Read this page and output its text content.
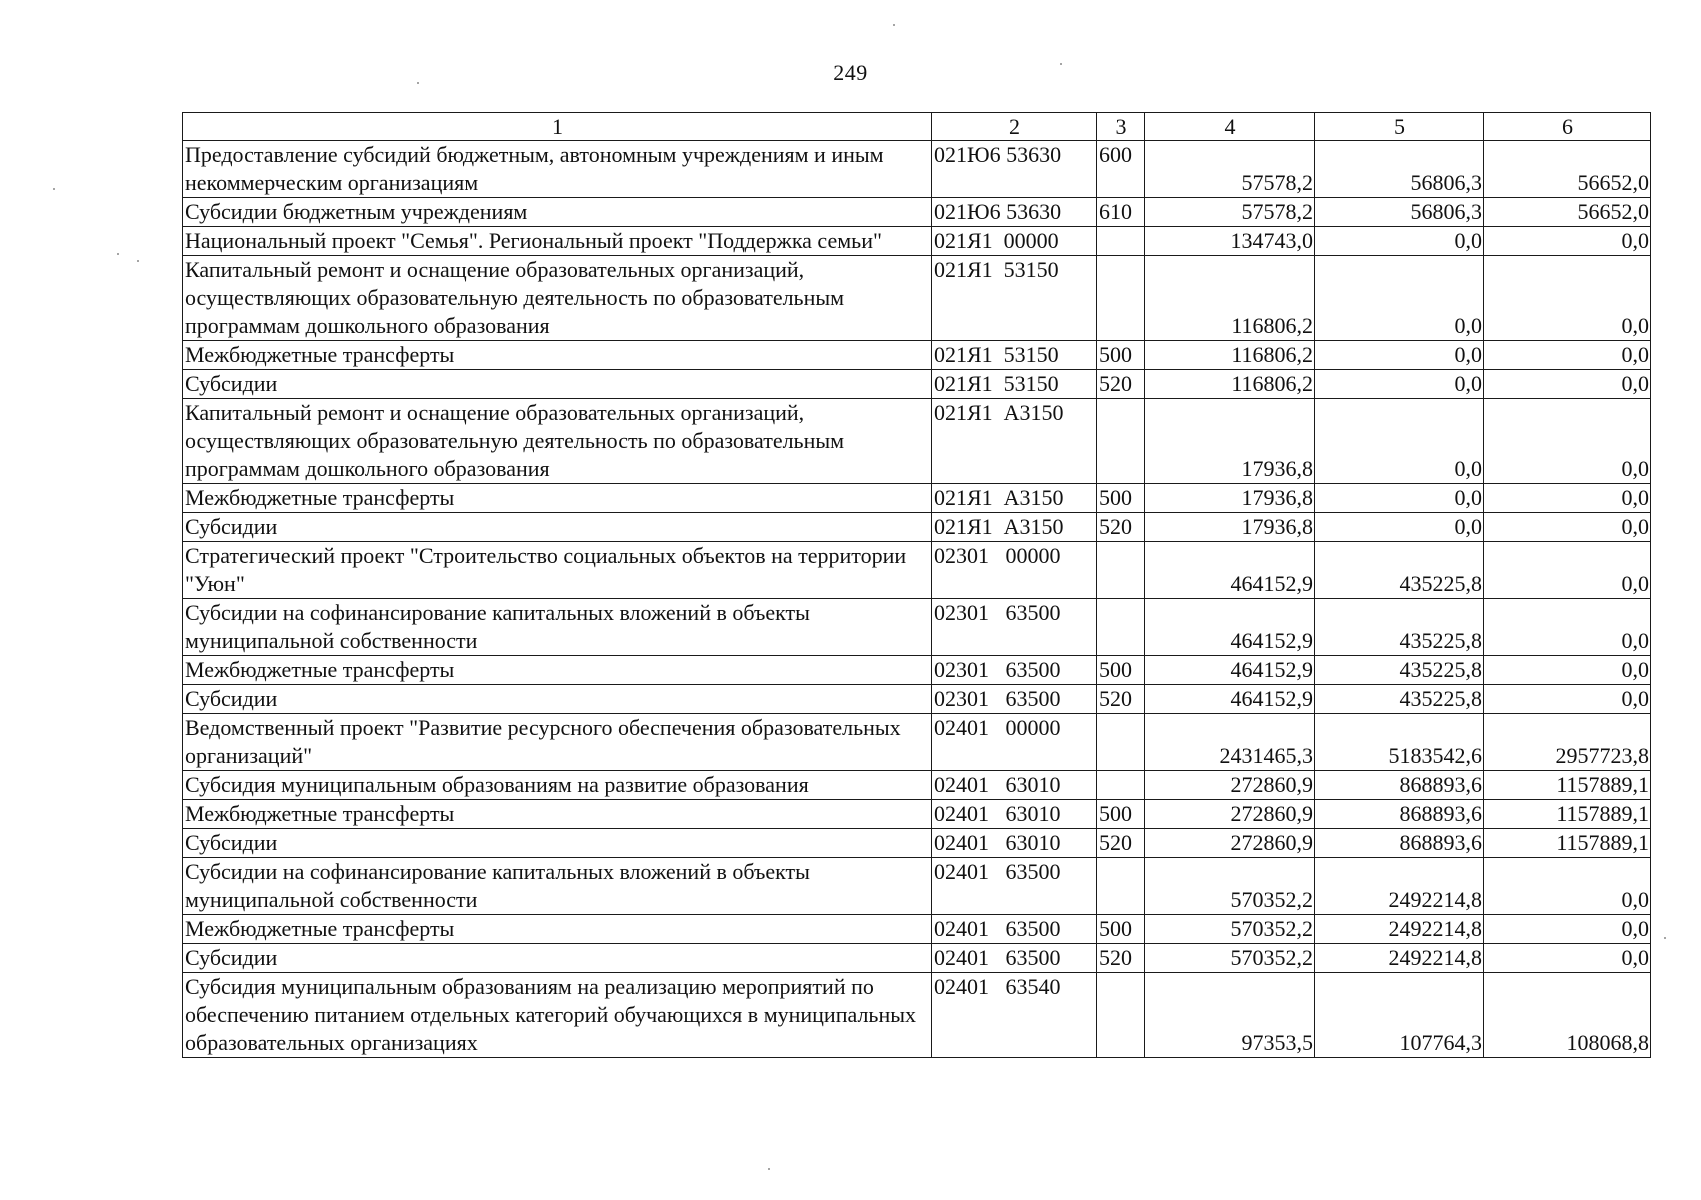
249
1	2	3	4	5	6
Предоставление субсидий бюджетным, автономным учреждениям и иным некоммерческим организациям	021Ю6 53630	600	57578,2	56806,3	56652,0
Субсидии бюджетным учреждениям	021Ю6 53630	610	57578,2	56806,3	56652,0
Национальный проект "Семья". Региональный проект "Поддержка семьи"	021Я1  00000		134743,0	0,0	0,0
Капитальный ремонт и оснащение образовательных организаций, осуществляющих образовательную деятельность по образовательным программам дошкольного образования	021Я1  53150		116806,2	0,0	0,0
Межбюджетные трансферты	021Я1  53150	500	116806,2	0,0	0,0
Субсидии	021Я1  53150	520	116806,2	0,0	0,0
Капитальный ремонт и оснащение образовательных организаций, осуществляющих образовательную деятельность по образовательным программам дошкольного образования	021Я1  А3150		17936,8	0,0	0,0
Межбюджетные трансферты	021Я1  А3150	500	17936,8	0,0	0,0
Субсидии	021Я1  А3150	520	17936,8	0,0	0,0
Стратегический проект "Строительство социальных объектов на территории "Уюн"	02301   00000		464152,9	435225,8	0,0
Субсидии на софинансирование капитальных вложений в объекты муниципальной собственности	02301   63500		464152,9	435225,8	0,0
Межбюджетные трансферты	02301   63500	500	464152,9	435225,8	0,0
Субсидии	02301   63500	520	464152,9	435225,8	0,0
Ведомственный проект "Развитие ресурсного обеспечения образовательных организаций"	02401   00000		2431465,3	5183542,6	2957723,8
Субсидия муниципальным образованиям на развитие образования	02401   63010		272860,9	868893,6	1157889,1
Межбюджетные трансферты	02401   63010	500	272860,9	868893,6	1157889,1
Субсидии	02401   63010	520	272860,9	868893,6	1157889,1
Субсидии на софинансирование капитальных вложений в объекты муниципальной собственности	02401   63500		570352,2	2492214,8	0,0
Межбюджетные трансферты	02401   63500	500	570352,2	2492214,8	0,0
Субсидии	02401   63500	520	570352,2	2492214,8	0,0
Субсидия муниципальным образованиям на реализацию мероприятий по обеспечению питанием отдельных категорий обучающихся в муниципальных образовательных организациях	02401   63540		97353,5	107764,3	108068,8
